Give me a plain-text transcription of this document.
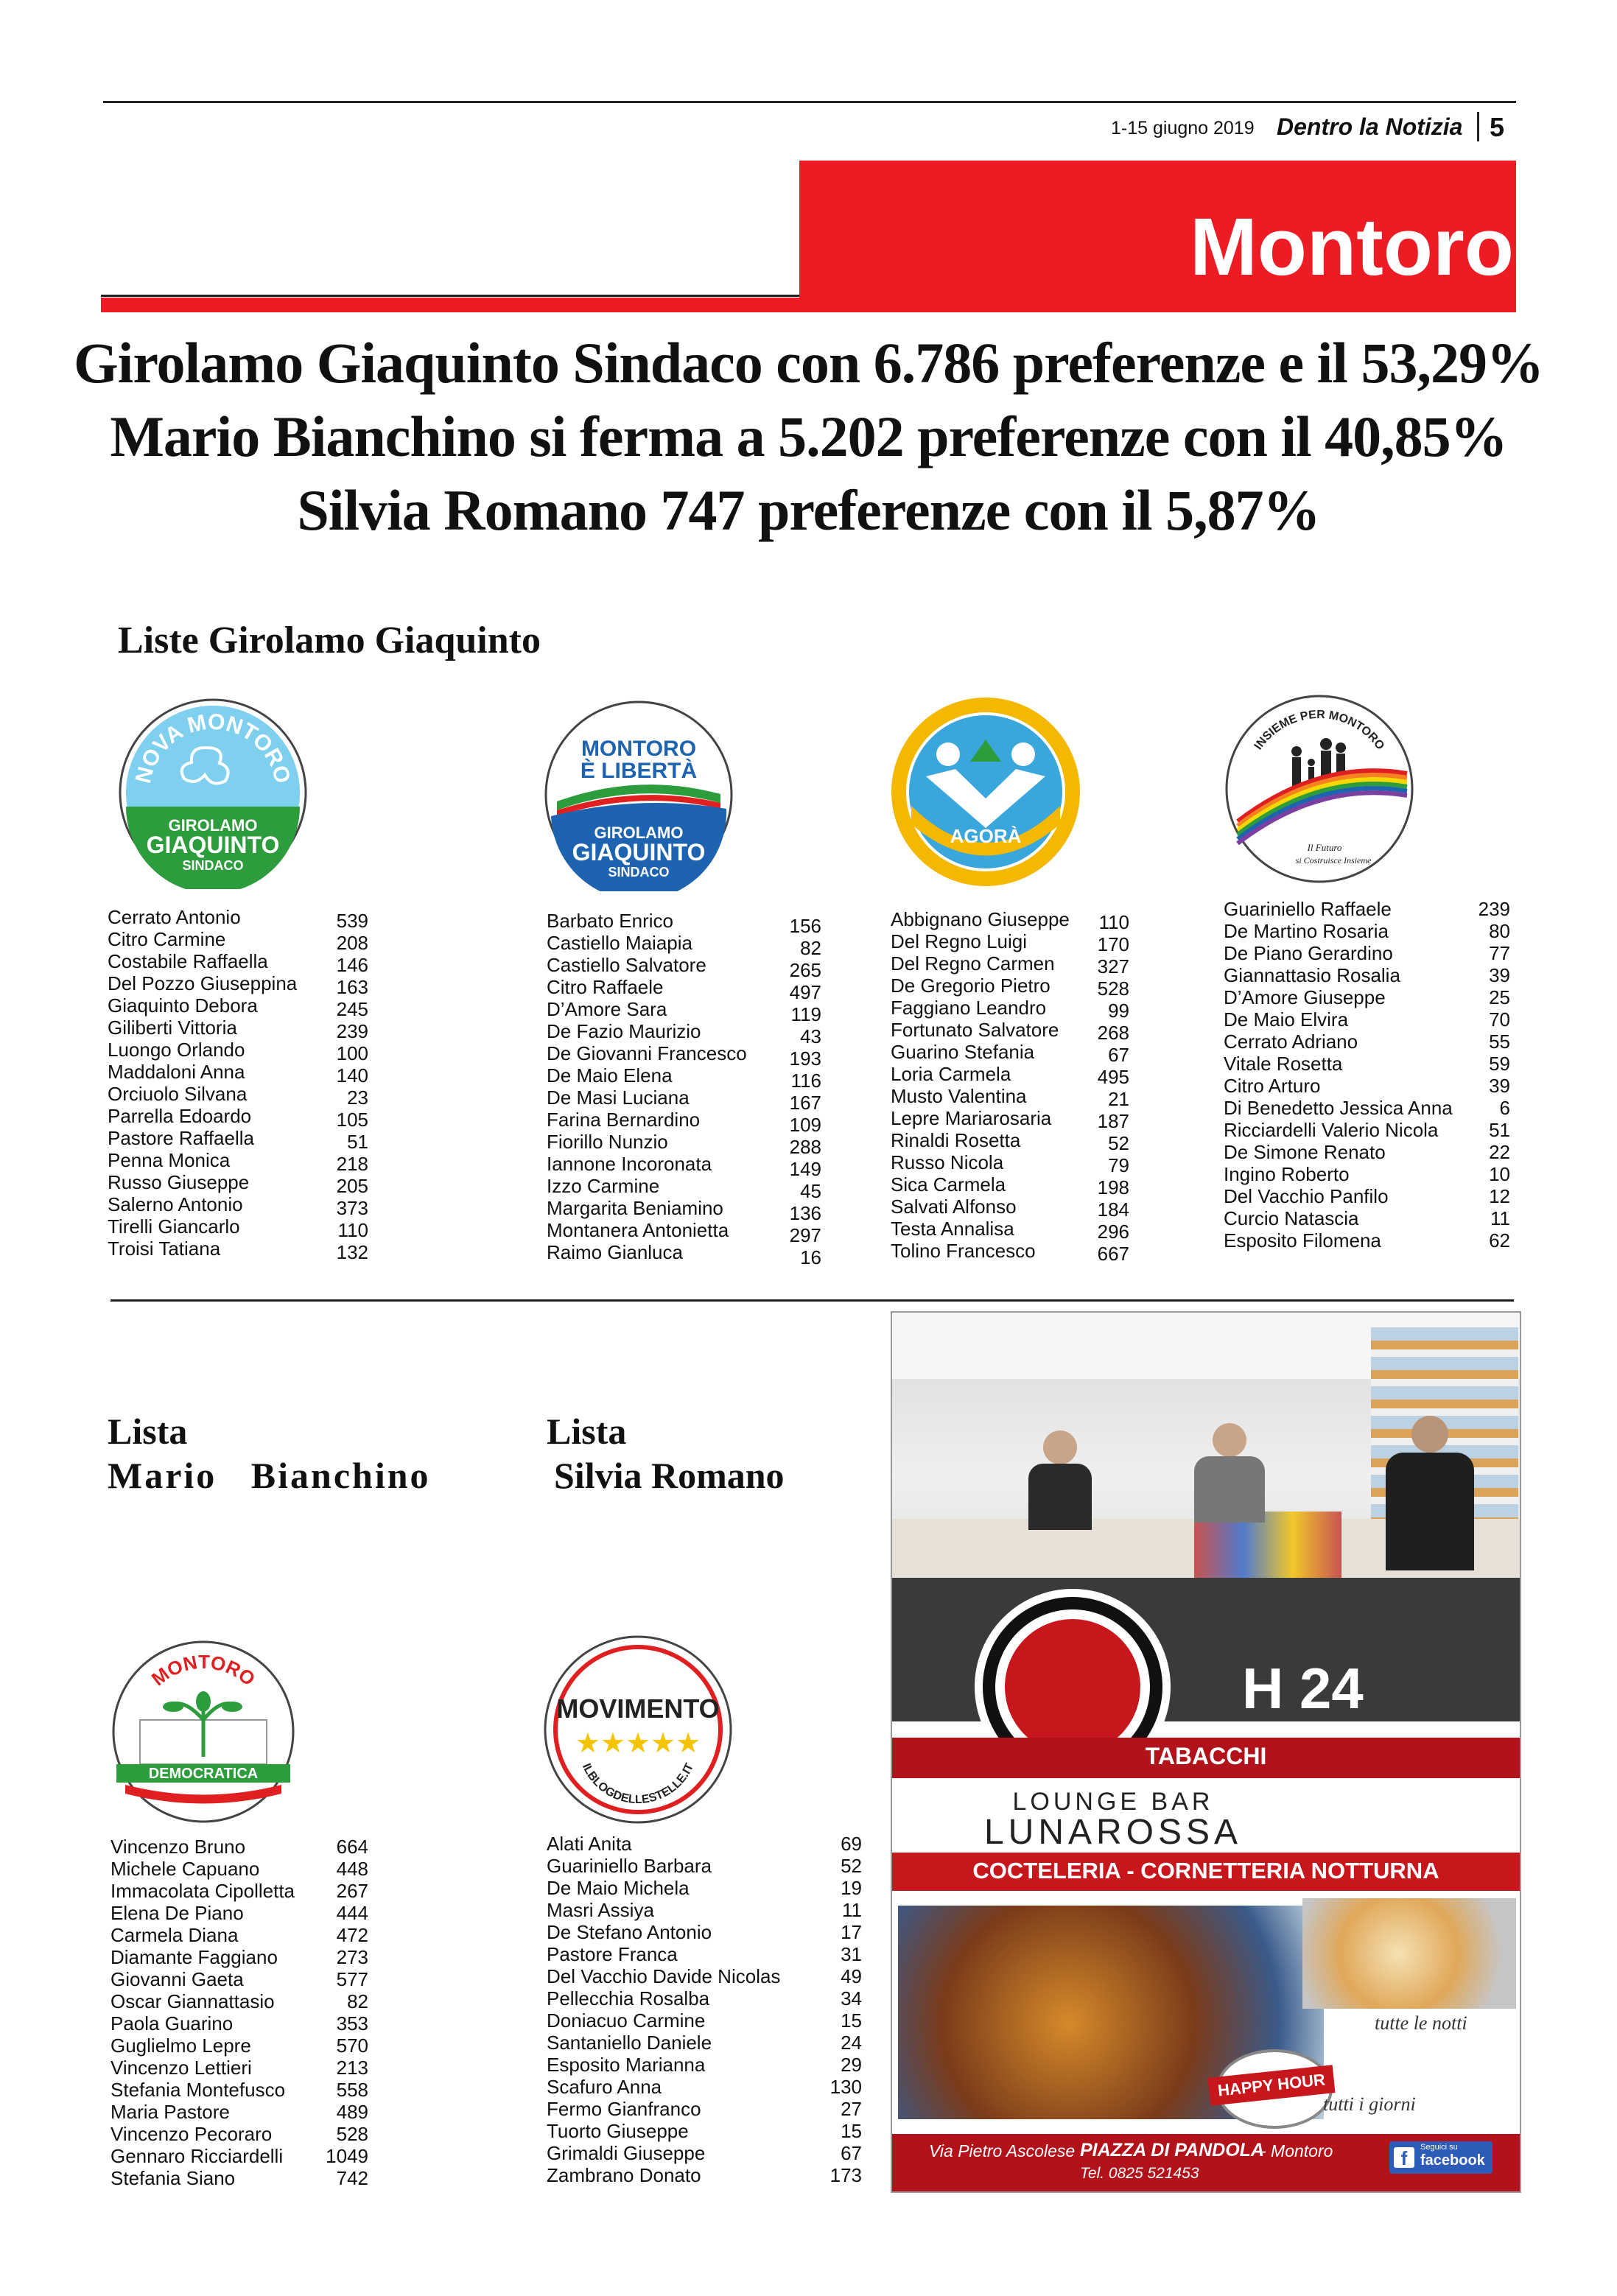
1-15 giugno 2019 Dentro la Notizia 5
Montoro
Girolamo Giaquinto Sindaco con 6.786 preferenze e il 53,29%
Mario Bianchino si ferma a 5.202 preferenze con il 40,85%
Silvia Romano 747 preferenze con il 5,87%
Liste Girolamo Giaquinto
NOVA MONTORO
GIROLAMO
GIAQUINTO
SINDACO
MONTORO
È LIBERTÀ
GIROLAMO
GIAQUINTO
SINDACO
AGORÀ
INSIEME PER MONTORO
Il Futuro
si Costruisce Insieme
Cerrato Antonio
Citro Carmine
Costabile Raffaella
Del Pozzo Giuseppina
Giaquinto Debora
Giliberti Vittoria
Luongo Orlando
Maddaloni Anna
Orciuolo Silvana
Parrella Edoardo
Pastore Raffaella
Penna Monica
Russo Giuseppe
Salerno Antonio
Tirelli Giancarlo
Troisi Tatiana
539
208
146
163
245
239
100
140
23
105
51
218
205
373
110
132
Barbato Enrico
Castiello Maiapia
Castiello Salvatore
Citro Raffaele
D’Amore Sara
De Fazio Maurizio
De Giovanni Francesco
De Maio Elena
De Masi Luciana
Farina Bernardino
Fiorillo Nunzio
Iannone Incoronata
Izzo Carmine
Margarita Beniamino
Montanera Antonietta
Raimo Gianluca
156
82
265
497
119
43
193
116
167
109
288
149
45
136
297
16
Abbignano Giuseppe
Del Regno Luigi
Del Regno Carmen
De Gregorio Pietro
Faggiano Leandro
Fortunato Salvatore
Guarino Stefania
Loria Carmela
Musto Valentina
Lepre Mariarosaria
Rinaldi Rosetta
Russo Nicola
Sica Carmela
Salvati Alfonso
Testa Annalisa
Tolino Francesco
110
170
327
528
99
268
67
495
21
187
52
79
198
184
296
667
Guariniello Raffaele
De Martino Rosaria
De Piano Gerardino
Giannattasio Rosalia
D’Amore Giuseppe
De Maio Elvira
Cerrato Adriano
Vitale Rosetta
Citro Arturo
Di Benedetto Jessica Anna
Ricciardelli Valerio Nicola
De Simone Renato
Ingino Roberto
Del Vacchio Panfilo
Curcio Natascia
Esposito Filomena
239
80
77
39
25
70
55
59
39
6
51
22
10
12
11
62
Lista
Mario   Bianchino
MONTORO
DEMOCRATICA
Vincenzo Bruno
Michele Capuano
Immacolata Cipolletta
Elena De Piano
Carmela Diana
Diamante Faggiano
Giovanni Gaeta
Oscar Giannattasio
Paola Guarino
Guglielmo Lepre
Vincenzo Lettieri
Stefania Montefusco
Maria Pastore
Vincenzo Pecoraro
Gennaro Ricciardelli
Stefania Siano
664
448
267
444
472
273
577
82
353
570
213
558
489
528
1049
742
Lista
Silvia Romano
MOVIMENTO
★★★★★
ILBLOGDELLESTELLE.IT
Alati Anita
Guariniello Barbara
De Maio Michela
Masri Assiya
De Stefano Antonio
Pastore Franca
Del Vacchio Davide Nicolas
Pellecchia Rosalba
Doniacuo Carmine
Santaniello Daniele
Esposito Marianna
Scafuro Anna
Fermo Gianfranco
Tuorto Giuseppe
Grimaldi Giuseppe
Zambrano Donato
69
52
19
11
17
31
49
34
15
24
29
130
27
15
67
173
H 24
TABACCHI
LOUNGE BAR
LUNAROSSA
COCTELERIA - CORNETTERIA NOTTURNA
tutte le notti
HAPPY HOUR
tutti i giorni
Via Pietro Ascolese PIAZZA DI PANDOLA
- Montoro
Tel. 0825 521453
f	Seguici su
facebook
